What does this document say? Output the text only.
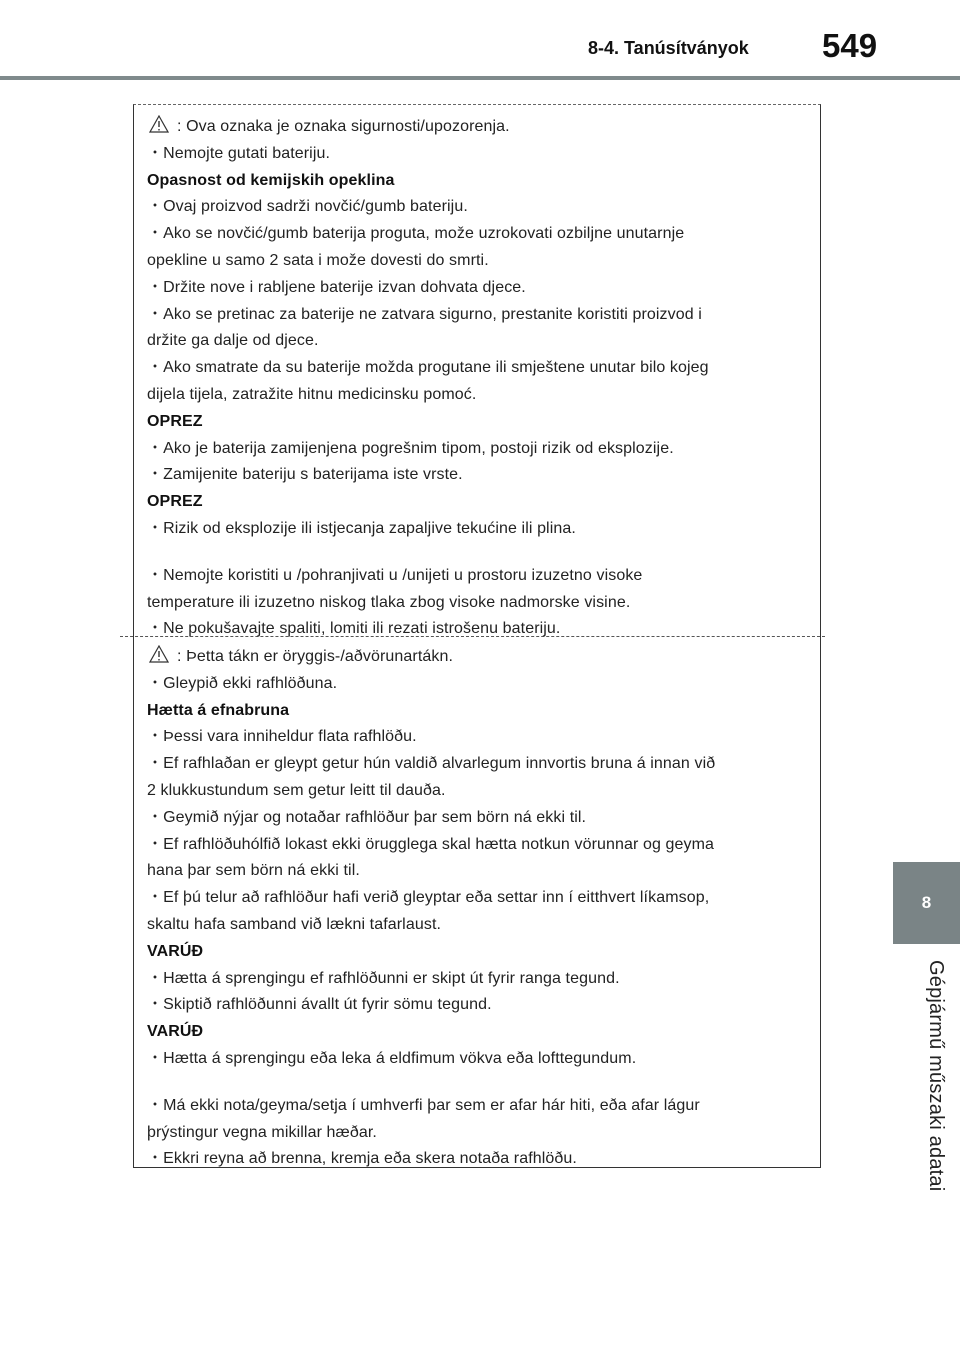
8-4. Tanúsítványok 549
8
Gépjármű műszaki adatai
: Ova oznaka je oznaka sigurnosti/upozorenja.
・Nemojte gutati bateriju.
Opasnost od kemijskih opeklina
・Ovaj proizvod sadrži novčić/gumb bateriju.
・Ako se novčić/gumb baterija proguta, može uzrokovati ozbiljne unutarnje
opekline u samo 2 sata i može dovesti do smrti.
・Držite nove i rabljene baterije izvan dohvata djece.
・Ako se pretinac za baterije ne zatvara sigurno, prestanite koristiti proizvod i
držite ga dalje od djece.
・Ako smatrate da su baterije možda progutane ili smještene unutar bilo kojeg
dijela tijela, zatražite hitnu medicinsku pomoć.
OPREZ
・Ako je baterija zamijenjena pogrešnim tipom, postoji rizik od eksplozije.
・Zamijenite bateriju s baterijama iste vrste.
OPREZ
・Rizik od eksplozije ili istjecanja zapaljive tekućine ili plina.
・Nemojte koristiti u /pohranjivati u /unijeti u prostoru izuzetno visoke
temperature ili izuzetno niskog tlaka zbog visoke nadmorske visine.
・Ne pokušavajte spaliti, lomiti ili rezati istrošenu bateriju.
: Þetta tákn er öryggis-/aðvörunartákn.
・Gleypið ekki rafhlöðuna.
Hætta á efnabruna
・Þessi vara inniheldur flata rafhlöðu.
・Ef rafhlaðan er gleypt getur hún valdið alvarlegum innvortis bruna á innan við
2 klukkustundum sem getur leitt til dauða.
・Geymið nýjar og notaðar rafhlöður þar sem börn ná ekki til.
・Ef rafhlöðuhólfið lokast ekki örugglega skal hætta notkun vörunnar og geyma
hana þar sem börn ná ekki til.
・Ef þú telur að rafhlöður hafi verið gleyptar eða settar inn í eitthvert líkamsop,
skaltu hafa samband við lækni tafarlaust.
VARÚÐ
・Hætta á sprengingu ef rafhlöðunni er skipt út fyrir ranga tegund.
・Skiptið rafhlöðunni ávallt út fyrir sömu tegund.
VARÚÐ
・Hætta á sprengingu eða leka á eldfimum vökva eða lofttegundum.
・Má ekki nota/geyma/setja í umhverfi þar sem er afar hár hiti, eða afar lágur
þrýstingur vegna mikillar hæðar.
・Ekkri reyna að brenna, kremja eða skera notaða rafhlöðu.
